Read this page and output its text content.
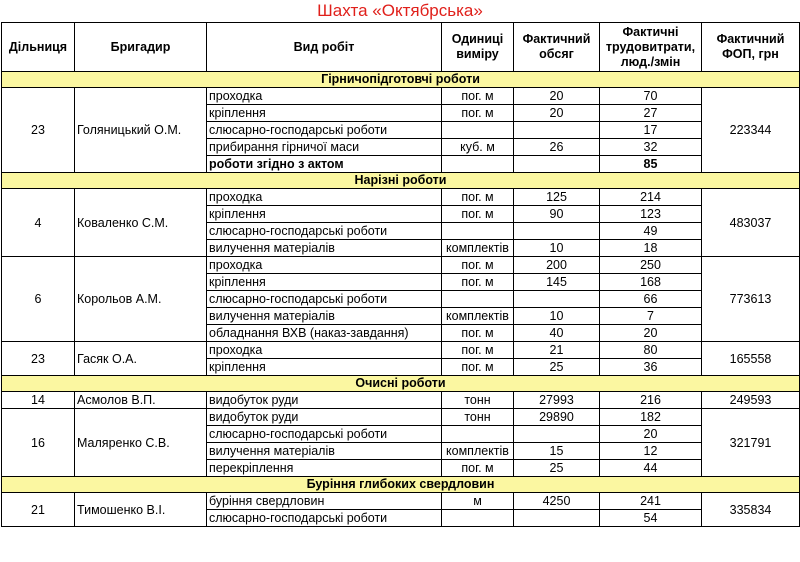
Шахта «Октябрська»
Дільниця	Бригадир	Вид робіт	Одиниці виміру	Фактичний обсяг	Фактичні трудовитрати, люд./змін	Фактичний ФОП, грн
Гірничопідготовчі роботи						
23	Голяницький О.М.	проходка	пог. м	20	70	223344
		кріплення	пог. м	20	27	
		слюсарно-господарські роботи			17	
		прибирання гірничої маси	куб. м	26	32	
		роботи згідно з актом			85	
Нарізні роботи						
4	Коваленко С.М.	проходка	пог. м	125	214	483037
		кріплення	пог. м	90	123	
		слюсарно-господарські роботи			49	
		вилучення матеріалів	комплектів	10	18	
6	Корольов А.М.	проходка	пог. м	200	250	773613
		кріплення	пог. м	145	168	
		слюсарно-господарські роботи			66	
		вилучення матеріалів	комплектів	10	7	
		обладнання ВХВ (наказ-завдання)	пог. м	40	20	
23	Гасяк О.А.	проходка	пог. м	21	80	165558
		кріплення	пог. м	25	36	
Очисні роботи						
14	Асмолов В.П.	видобуток руди	тонн	27993	216	249593
16	Маляренко С.В.	видобуток руди	тонн	29890	182	321791
		слюсарно-господарські роботи			20	
		вилучення матеріалів	комплектів	15	12	
		перекріплення	пог. м	25	44	
Буріння глибоких свердловин						
21	Тимошенко В.І.	буріння свердловин	м	4250	241	335834
		слюсарно-господарські роботи			54	
